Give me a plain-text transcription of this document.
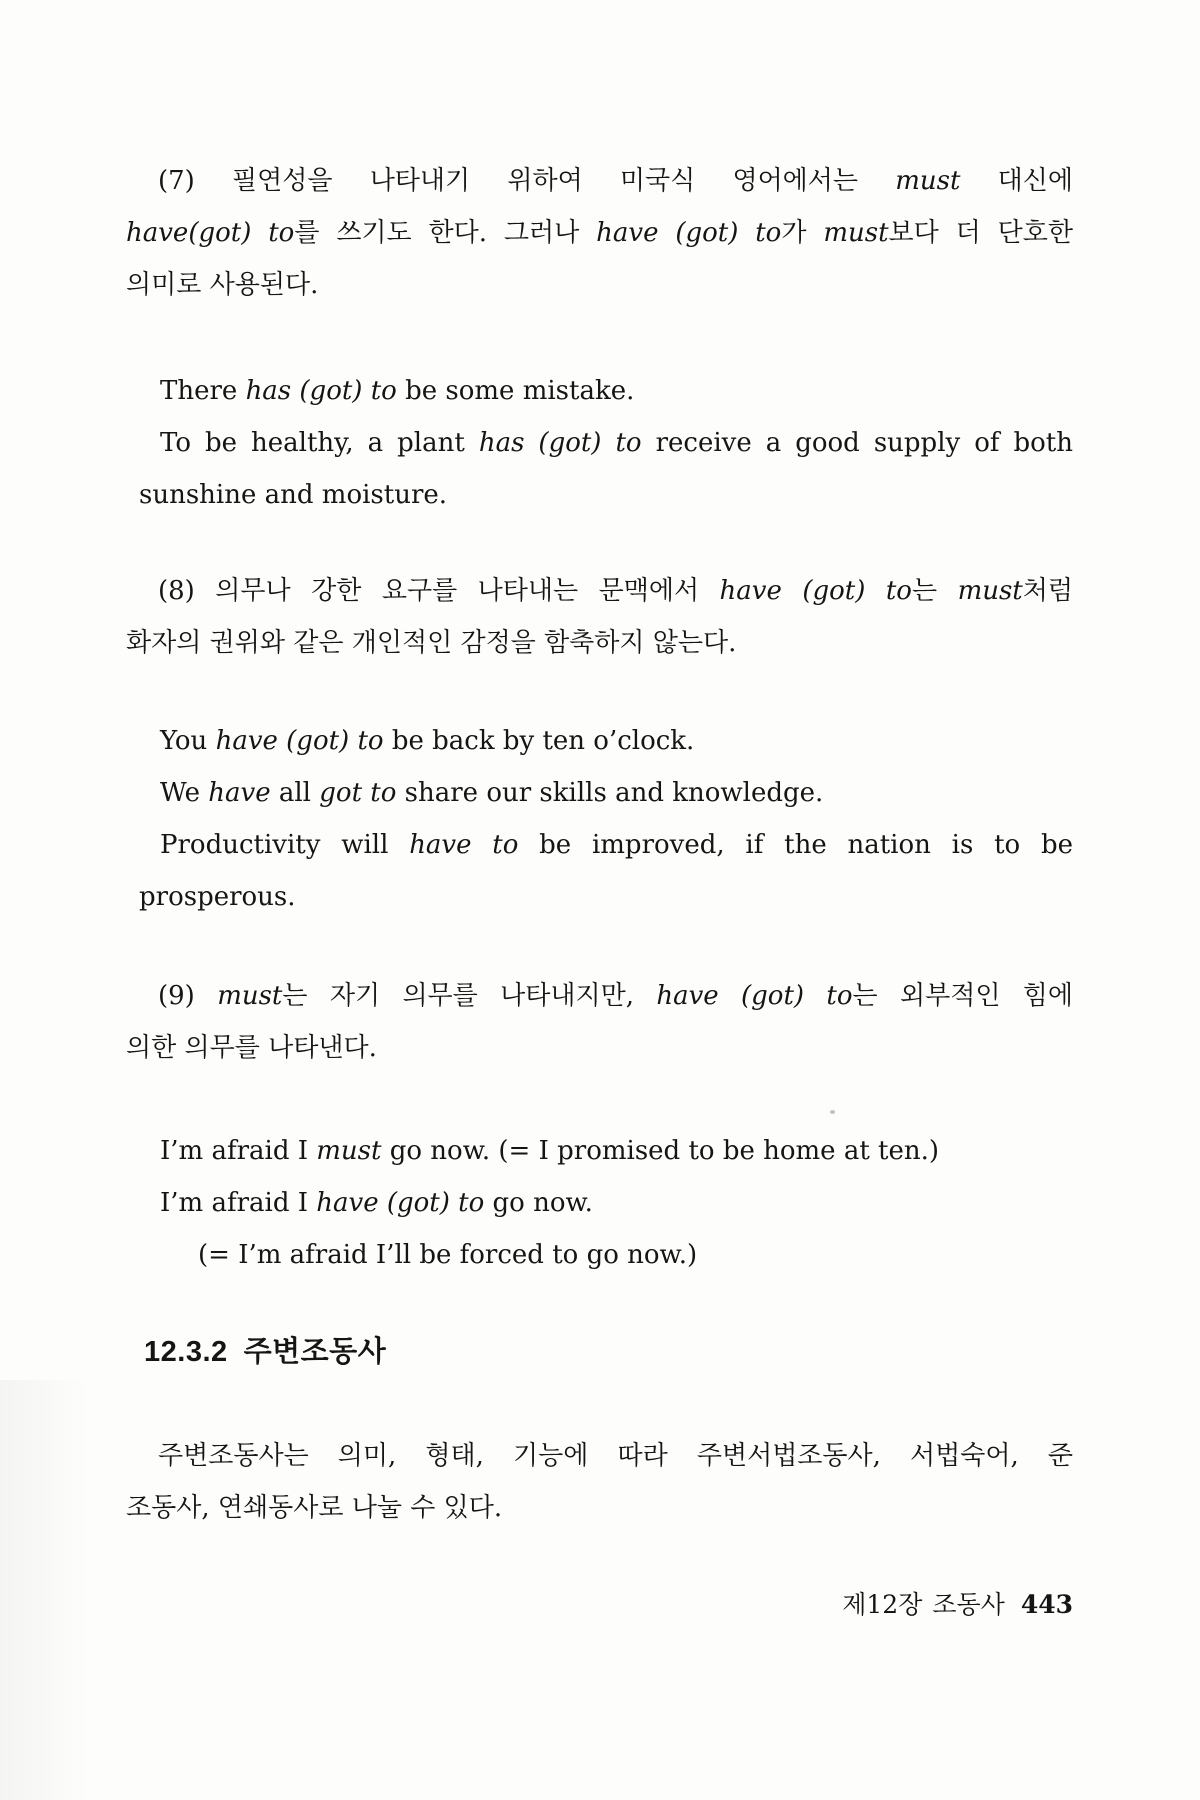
(7) 필연성을 나타내기 위하여 미국식 영어에서는 must 대신에
have(got) to를 쓰기도 한다. 그러나 have (got) to가 must보다 더 단호한
의미로 사용된다.
There has (got) to be some mistake.
To be healthy, a plant has (got) to receive a good supply of both
sunshine and moisture.
(8) 의무나 강한 요구를 나타내는 문맥에서 have (got) to는 must처럼
화자의 권위와 같은 개인적인 감정을 함축하지 않는다.
You have (got) to be back by ten o’clock.
We have all got to share our skills and knowledge.
Productivity will have to be improved, if the nation is to be
prosperous.
(9) must는 자기 의무를 나타내지만, have (got) to는 외부적인 힘에
의한 의무를 나타낸다.
I’m afraid I must go now. (= I promised to be home at ten.)
I’m afraid I have (got) to go now.
(= I’m afraid I’ll be forced to go now.)
12.3.2 주변조동사
주변조동사는 의미, 형태, 기능에 따라 주변서법조동사, 서법숙어, 준
조동사, 연쇄동사로 나눌 수 있다.
제12장 조동사 443
